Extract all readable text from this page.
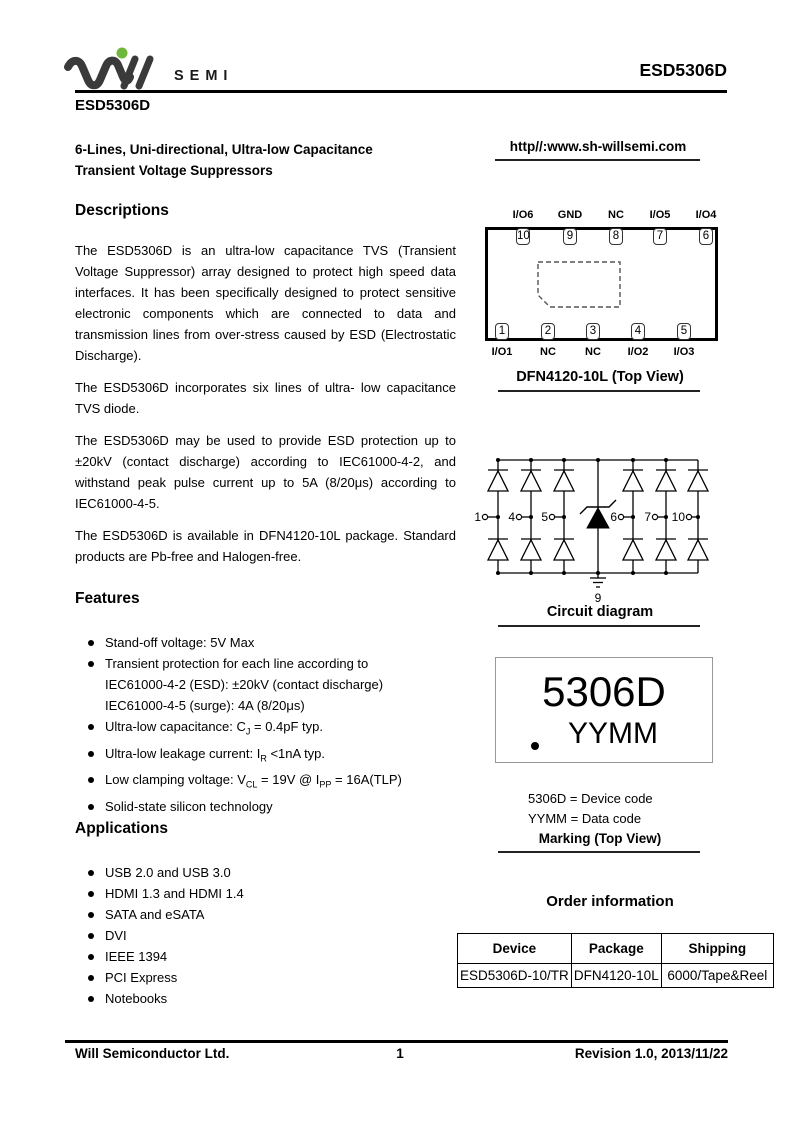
SEMI	ESD5306D
ESD5306D
6-Lines, Uni-directional, Ultra-low Capacitance
Transient Voltage Suppressors
Descriptions

The ESD5306D is an ultra-low capacitance TVS (Transient Voltage Suppressor) array designed to protect high speed data interfaces. It has been specifically designed to protect sensitive electronic components which are connected to data and transmission lines from over-stress caused by ESD (Electrostatic Discharge).

The ESD5306D incorporates six lines of ultra- low capacitance TVS diode.

The ESD5306D may be used to provide ESD protection up to ±20kV (contact discharge) according to IEC61000-4-2, and withstand peak pulse current up to 5A (8/20μs) according to IEC61000-4-5.

The ESD5306D is available in DFN4120-10L package. Standard products are Pb-free and Halogen-free.

Features
Stand-off voltage: 5V Max
Transient protection for each line according to
IEC61000-4-2 (ESD): ±20kV (contact discharge)
IEC61000-4-5 (surge): 4A (8/20μs)
Ultra-low capacitance: $C_J = 0.4pF$ typ.
Ultra-low leakage current: $I_R <1nA$ typ.
Low clamping voltage: $V_{CL} = 19V$ @ $I_{PP} = 16A(TLP)$
Solid-state silicon technology
Applications
USB 2.0 and USB 3.0
HDMI 1.3 and HDMI 1.4
SATA and eSATA
DVI
IEEE 1394
PCI Express
Notebooks
http//:www.sh-willsemi.com
I/O6	GND	NC	I/O5	I/O4
10	9	8	7	6
1	2	3	4	5
I/O1	NC	NC	I/O2	I/O3
DFN4120-10L (Top View)
1 4 5	6 7 10
9
Circuit diagram
5306D
YYMM
5306D = Device code
YYMM = Data code
Marking (Top View)
Order information
Device	Package	Shipping
ESD5306D-10/TR	DFN4120-10L	6000/Tape&Reel
1
Will Semiconductor Ltd.	Revision 1.0, 2013/11/22
